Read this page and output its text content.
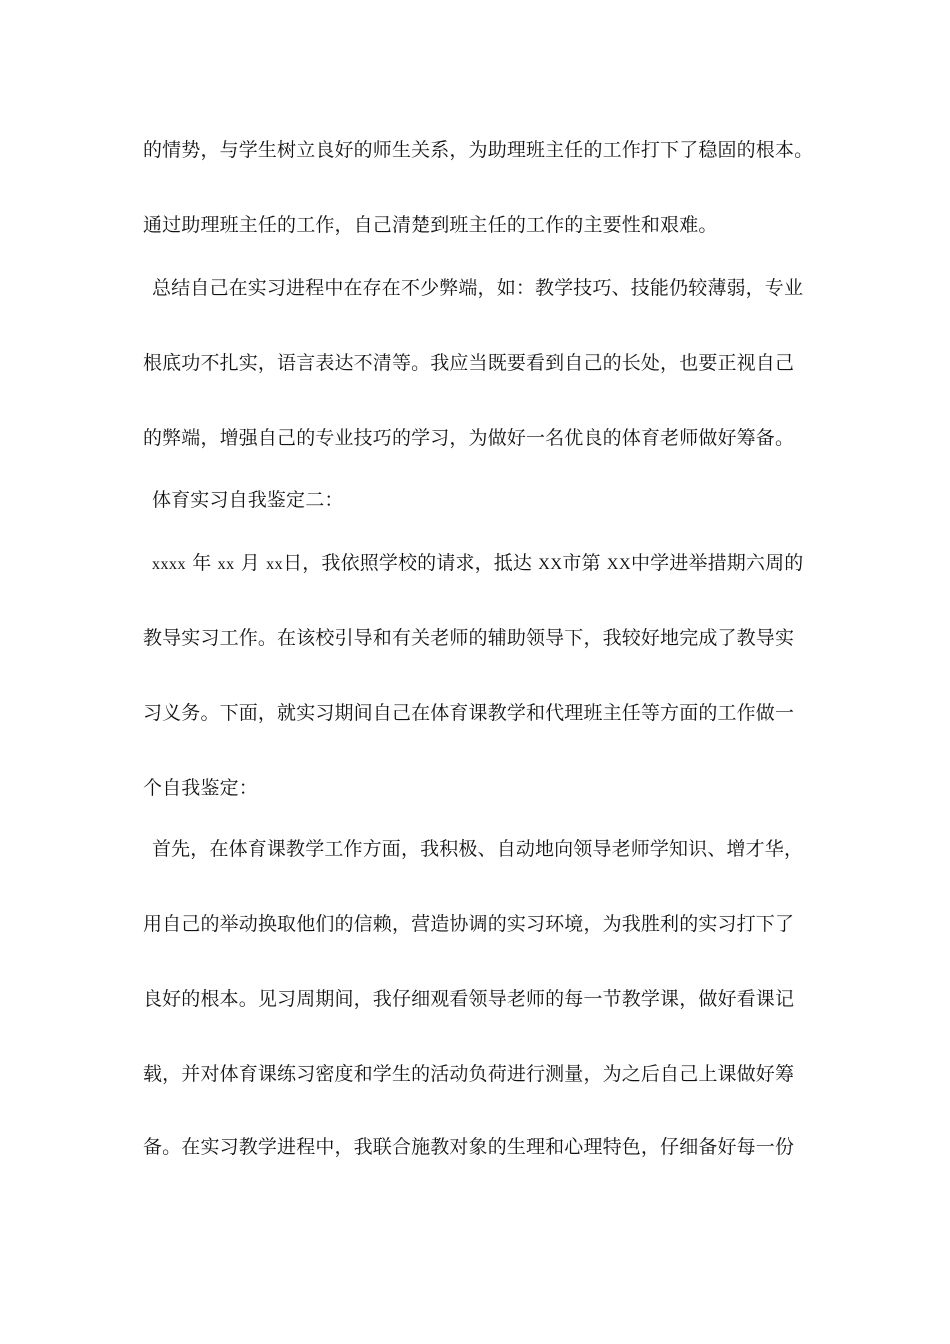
的情势，与学生树立良好的师生关系，为助理班主任的工作打下了稳固的根本。
通过助理班主任的工作，自己清楚到班主任的工作的主要性和艰难。
总结自己在实习进程中在存在不少弊端，如：教学技巧、技能仍较薄弱，专业
根底功不扎实，语言表达不清等。我应当既要看到自己的长处，也要正视自己
的弊端，增强自己的专业技巧的学习，为做好一名优良的体育老师做好筹备。
体育实习自我鉴定二：
xxxx 年 xx 月 xx日，我依照学校的请求，抵达 XX市第 XX中学进举措期六周的
教导实习工作。在该校引导和有关老师的辅助领导下，我较好地完成了教导实
习义务。下面，就实习期间自己在体育课教学和代理班主任等方面的工作做一
个自我鉴定：
首先，在体育课教学工作方面，我积极、自动地向领导老师学知识、增才华，
用自己的举动换取他们的信赖，营造协调的实习环境，为我胜利的实习打下了
良好的根本。见习周期间，我仔细观看领导老师的每一节教学课，做好看课记
载，并对体育课练习密度和学生的活动负荷进行测量，为之后自己上课做好筹
备。在实习教学进程中，我联合施教对象的生理和心理特色，仔细备好每一份
